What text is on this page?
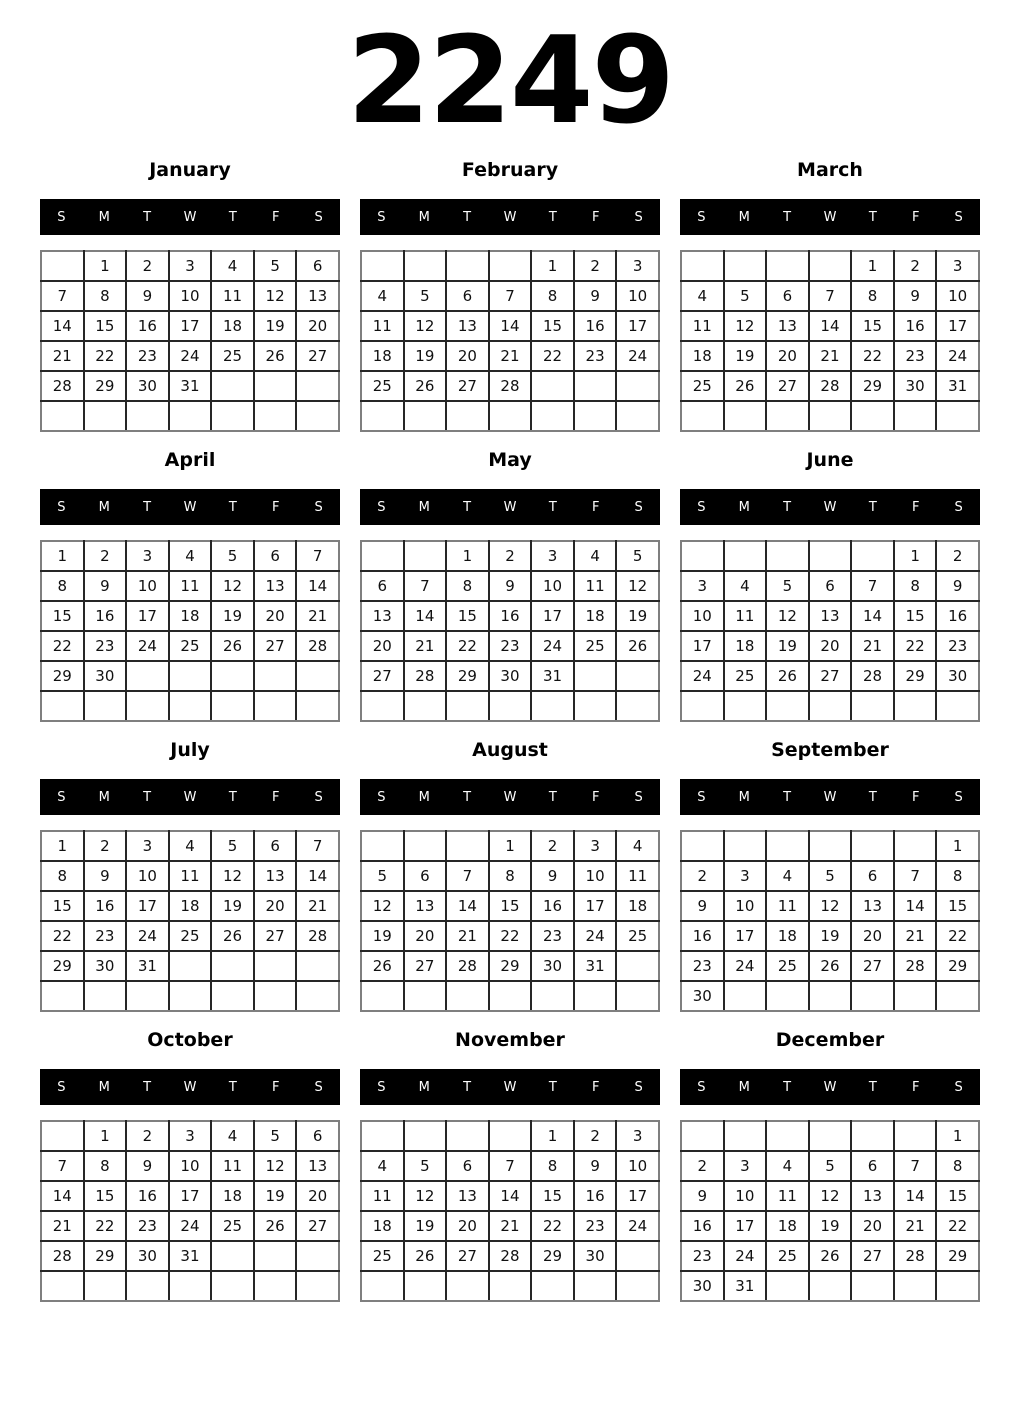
2249
January
S	M	T	W	T	F	S
	1	2	3	4	5	6
7	8	9	10	11	12	13
14	15	16	17	18	19	20
21	22	23	24	25	26	27
28	29	30	31			

February
S	M	T	W	T	F	S
				1	2	3
4	5	6	7	8	9	10
11	12	13	14	15	16	17
18	19	20	21	22	23	24
25	26	27	28			

March
S	M	T	W	T	F	S
				1	2	3
4	5	6	7	8	9	10
11	12	13	14	15	16	17
18	19	20	21	22	23	24
25	26	27	28	29	30	31

April
S	M	T	W	T	F	S
1	2	3	4	5	6	7
8	9	10	11	12	13	14
15	16	17	18	19	20	21
22	23	24	25	26	27	28
29	30					

May
S	M	T	W	T	F	S
		1	2	3	4	5
6	7	8	9	10	11	12
13	14	15	16	17	18	19
20	21	22	23	24	25	26
27	28	29	30	31		

June
S	M	T	W	T	F	S
					1	2
3	4	5	6	7	8	9
10	11	12	13	14	15	16
17	18	19	20	21	22	23
24	25	26	27	28	29	30

July
S	M	T	W	T	F	S
1	2	3	4	5	6	7
8	9	10	11	12	13	14
15	16	17	18	19	20	21
22	23	24	25	26	27	28
29	30	31				

August
S	M	T	W	T	F	S
			1	2	3	4
5	6	7	8	9	10	11
12	13	14	15	16	17	18
19	20	21	22	23	24	25
26	27	28	29	30	31	

September
S	M	T	W	T	F	S
						1
2	3	4	5	6	7	8
9	10	11	12	13	14	15
16	17	18	19	20	21	22
23	24	25	26	27	28	29
30						
October
S	M	T	W	T	F	S
	1	2	3	4	5	6
7	8	9	10	11	12	13
14	15	16	17	18	19	20
21	22	23	24	25	26	27
28	29	30	31			

November
S	M	T	W	T	F	S
				1	2	3
4	5	6	7	8	9	10
11	12	13	14	15	16	17
18	19	20	21	22	23	24
25	26	27	28	29	30	

December
S	M	T	W	T	F	S
						1
2	3	4	5	6	7	8
9	10	11	12	13	14	15
16	17	18	19	20	21	22
23	24	25	26	27	28	29
30	31					
